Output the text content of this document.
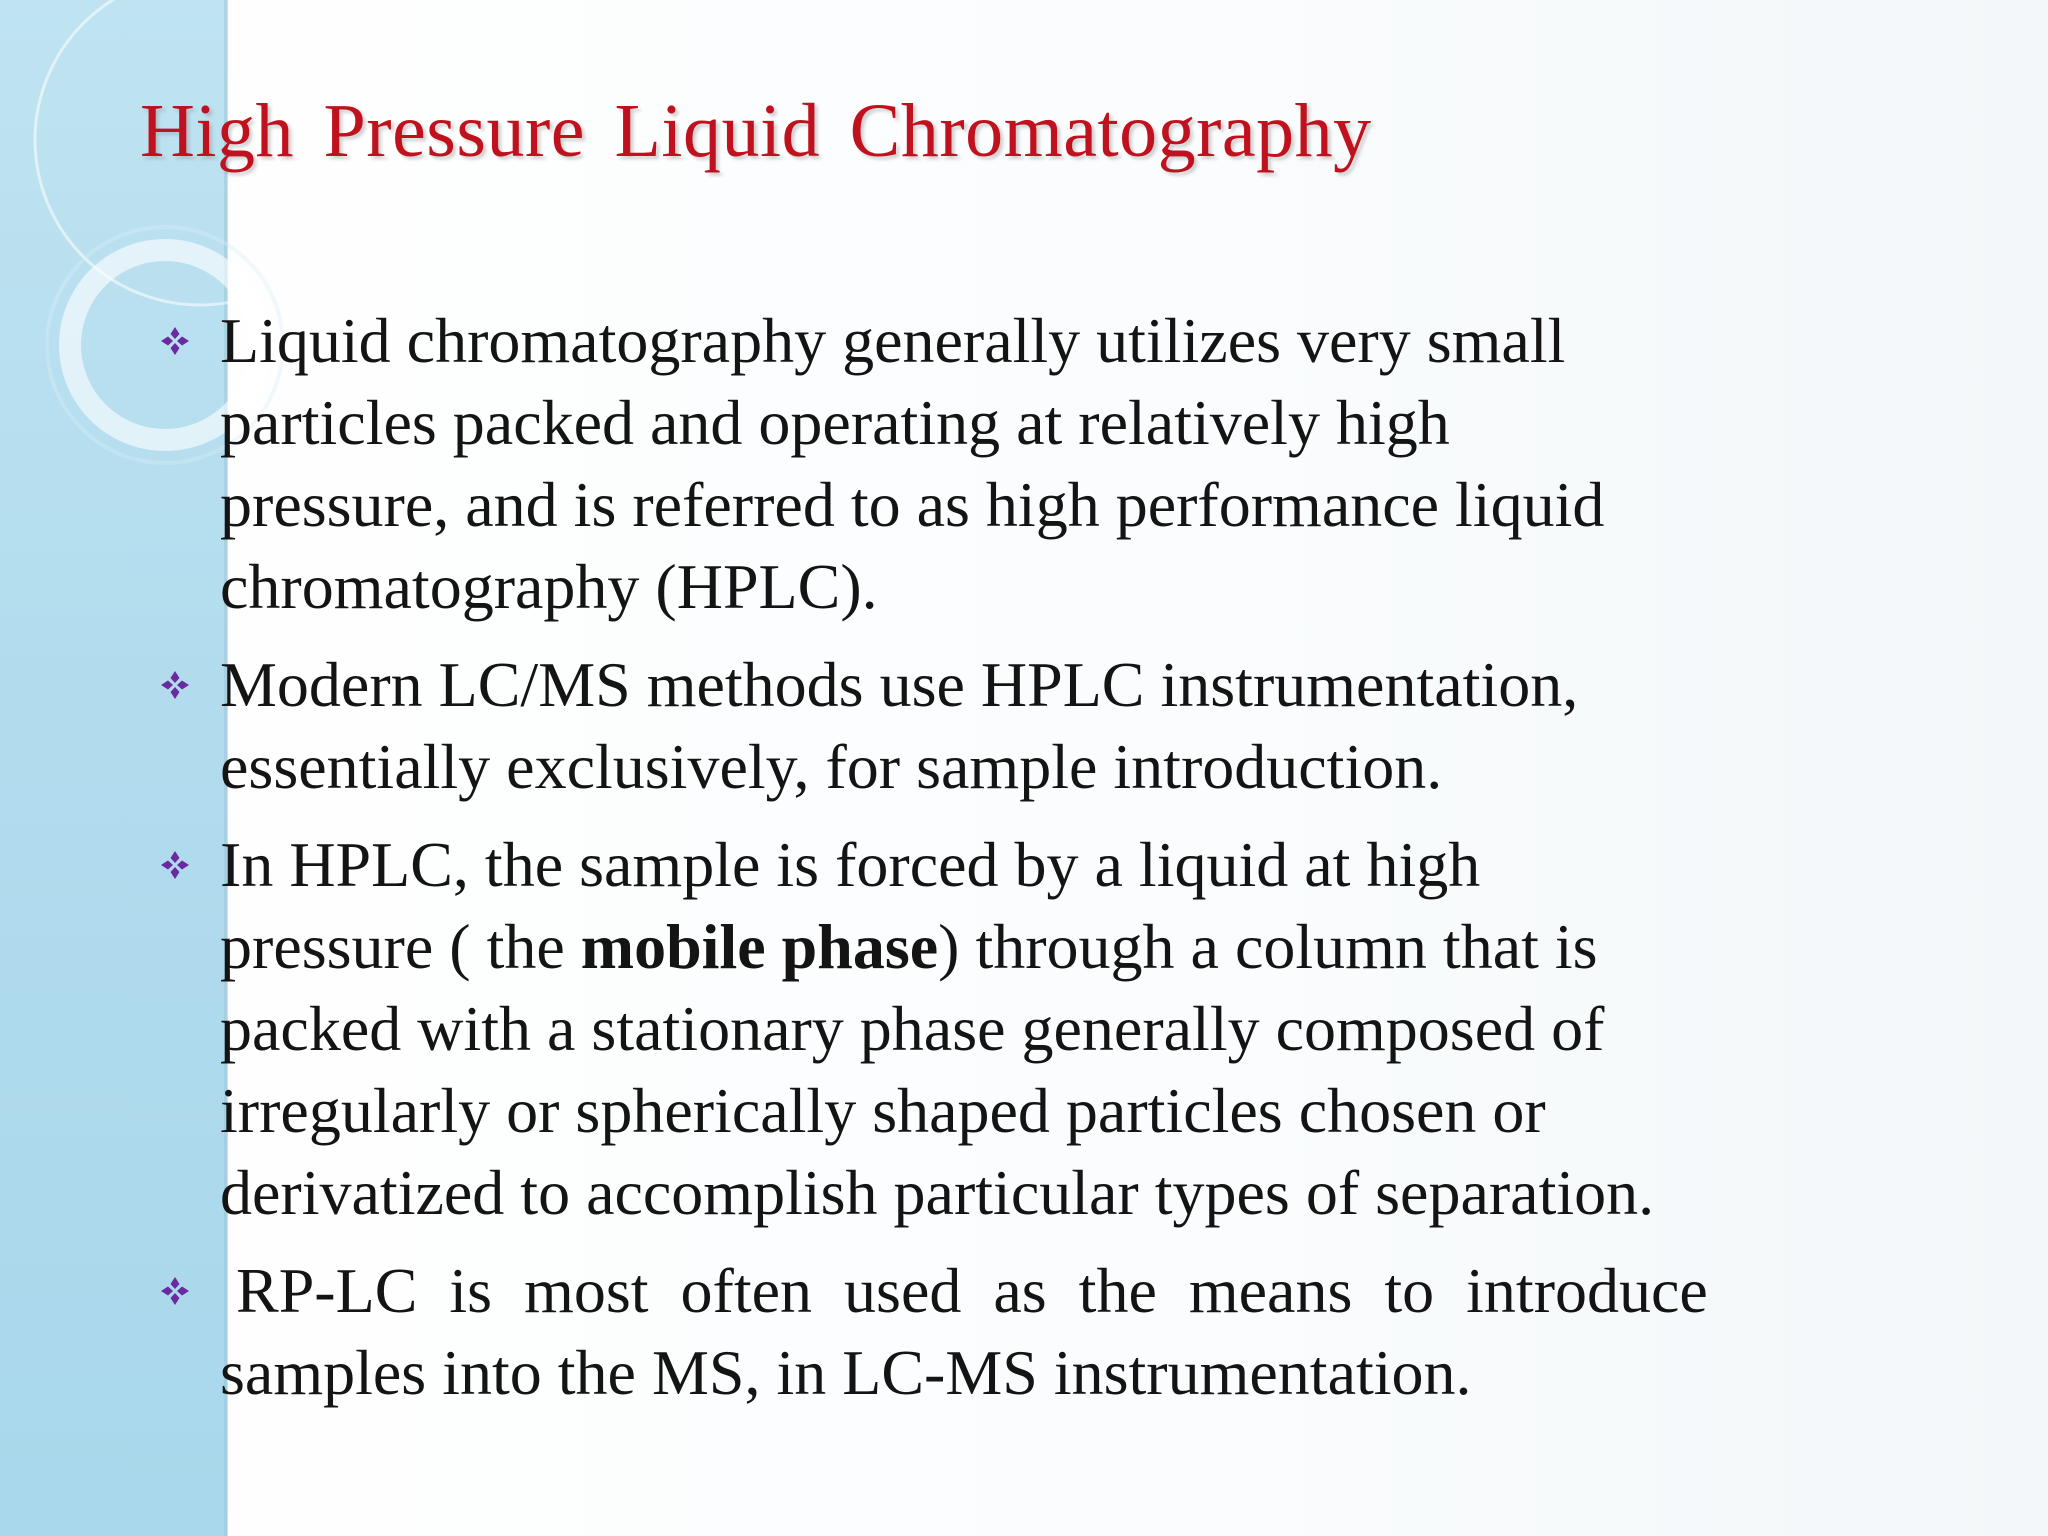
High Pressure Liquid Chromatography
Liquid chromatography generally utilizes very small
particles packed and operating at relatively high
pressure, and is referred to as high performance liquid
chromatography (HPLC).
Modern LC/MS methods use HPLC instrumentation,
essentially exclusively, for sample introduction.
In HPLC, the sample is forced by a liquid at high
pressure ( the mobile phase) through a column that is
packed with a stationary phase generally composed of
irregularly or spherically shaped particles chosen or
derivatized to accomplish particular types of separation.
RP-LC  is  most  often  used  as  the  means  to  introduce
samples into the MS, in LC-MS instrumentation.
